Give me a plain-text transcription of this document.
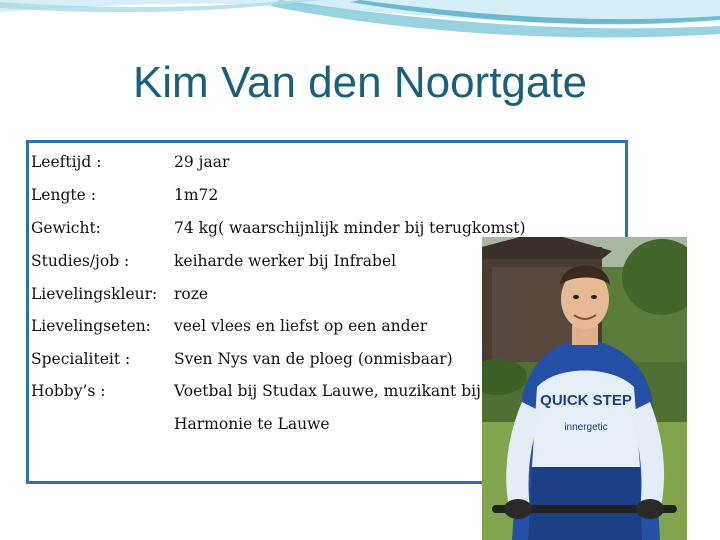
Kim Van den Noortgate
Leeftijd :	29 jaar
Lengte :	1m72
Gewicht:	74 kg( waarschijnlijk minder bij terugkomst)
Studies/job :	keiharde werker bij Infrabel
Lievelingskleur: roze
Lievelingseten: veel vlees en liefst op een ander
Specialiteit :	Sven Nys van de ploeg (onmisbaar)
Hobby’s :	Voetbal bij Studax Lauwe, muzikant bij
Harmonie te Lauwe
QUICK STEP
innergetic
